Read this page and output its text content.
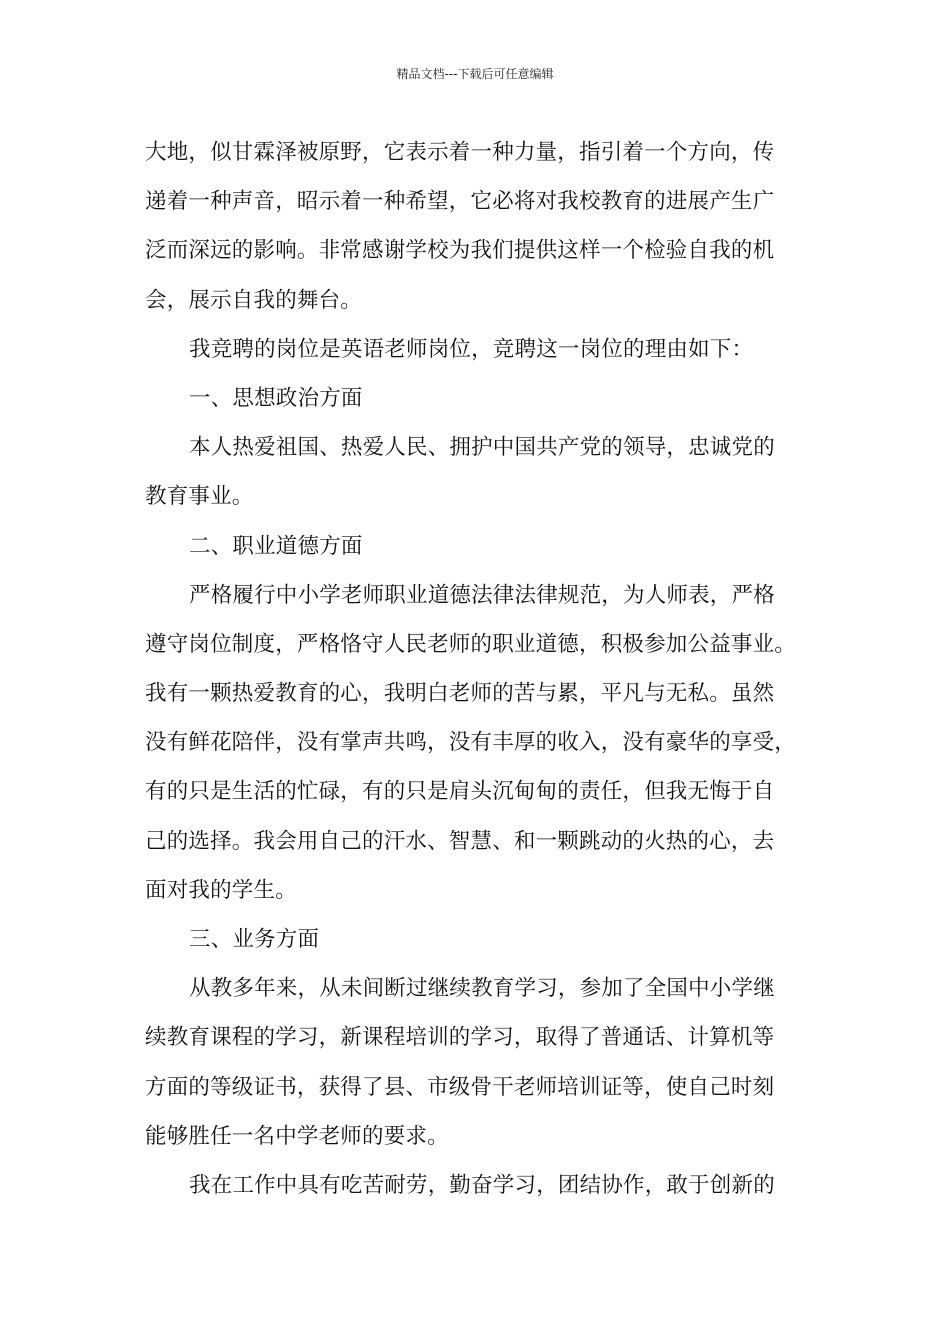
精品文档---下载后可任意编辑
大地，似甘霖泽被原野，它表示着一种力量，指引着一个方向，传
递着一种声音，昭示着一种希望，它必将对我校教育的进展产生广
泛而深远的影响。非常感谢学校为我们提供这样一个检验自我的机
会，展示自我的舞台。
我竞聘的岗位是英语老师岗位，竞聘这一岗位的理由如下：
一、思想政治方面
本人热爱祖国、热爱人民、拥护中国共产党的领导，忠诚党的
教育事业。
二、职业道德方面
严格履行中小学老师职业道德法律法律规范，为人师表，严格
遵守岗位制度，严格恪守人民老师的职业道德，积极参加公益事业。
我有一颗热爱教育的心，我明白老师的苦与累，平凡与无私。虽然
没有鲜花陪伴，没有掌声共鸣，没有丰厚的收入，没有豪华的享受，
有的只是生活的忙碌，有的只是肩头沉甸甸的责任，但我无悔于自
己的选择。我会用自己的汗水、智慧、和一颗跳动的火热的心，去
面对我的学生。
三、业务方面
从教多年来，从未间断过继续教育学习，参加了全国中小学继
续教育课程的学习，新课程培训的学习，取得了普通话、计算机等
方面的等级证书，获得了县、市级骨干老师培训证等，使自己时刻
能够胜任一名中学老师的要求。
我在工作中具有吃苦耐劳，勤奋学习，团结协作，敢于创新的
